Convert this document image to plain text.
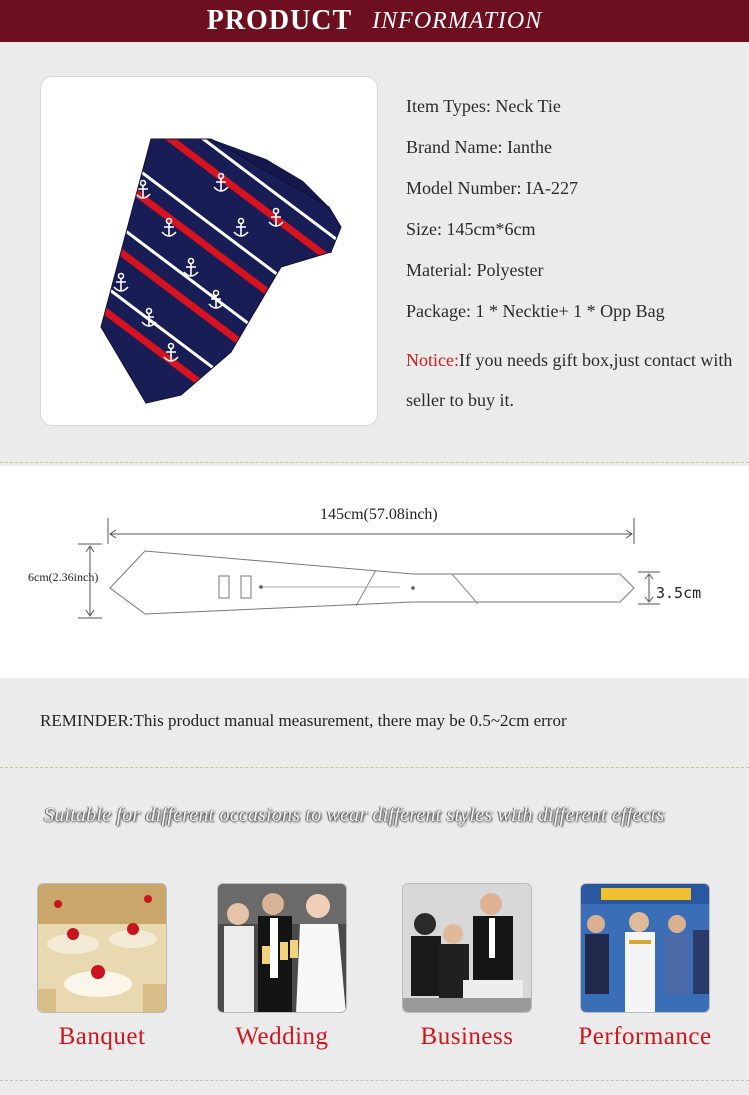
PRODUCT INFORMATION
Item Types: Neck Tie
Brand Name: Ianthe
Model Number: IA-227
Size: 145cm*6cm
Material: Polyester
Package: 1 * Necktie+ 1 * Opp Bag
Notice:If you needs gift box,just contact with seller to buy it.
145cm(57.08inch)
6cm(2.36inch)
3.5cm
REMINDER:This product manual measurement, there may be 0.5~2cm error
Suitable for different occasions to wear different styles with different effects
Banquet	Wedding	Business	Performance
